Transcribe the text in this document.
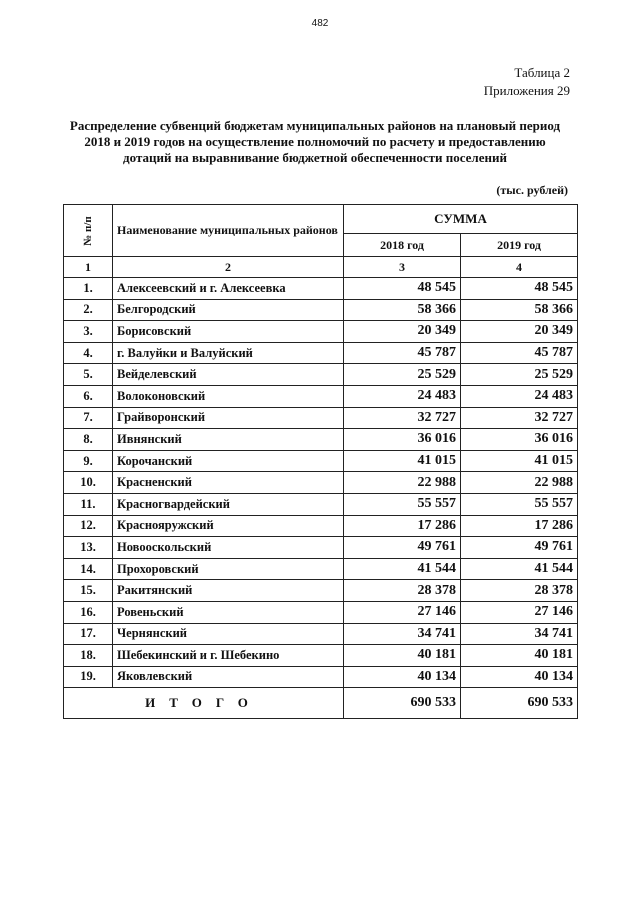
482
Таблица 2
Приложения 29
Распределение субвенций бюджетам муниципальных районов на плановый период 2018 и 2019 годов на осуществление полномочий по расчету и предоставлению дотаций на выравнивание бюджетной обеспеченности поселений
(тыс. рублей)
№ п/п	Наименование муниципальных районов	СУММА	
		2018 год	2019 год
1	2	3	4
1.	Алексеевский и г. Алексеевка	48 545	48 545
2.	Белгородский	58 366	58 366
3.	Борисовский	20 349	20 349
4.	г. Валуйки и Валуйский	45 787	45 787
5.	Вейделевский	25 529	25 529
6.	Волоконовский	24 483	24 483
7.	Грайворонский	32 727	32 727
8.	Ивнянский	36 016	36 016
9.	Корочанский	41 015	41 015
10.	Красненский	22 988	22 988
11.	Красногвардейский	55 557	55 557
12.	Краснояружский	17 286	17 286
13.	Новооскольский	49 761	49 761
14.	Прохоровский	41 544	41 544
15.	Ракитянский	28 378	28 378
16.	Ровеньский	27 146	27 146
17.	Чернянский	34 741	34 741
18.	Шебекинский и г. Шебекино	40 181	40 181
19.	Яковлевский	40 134	40 134
ИТОГО		690 533	690 533
